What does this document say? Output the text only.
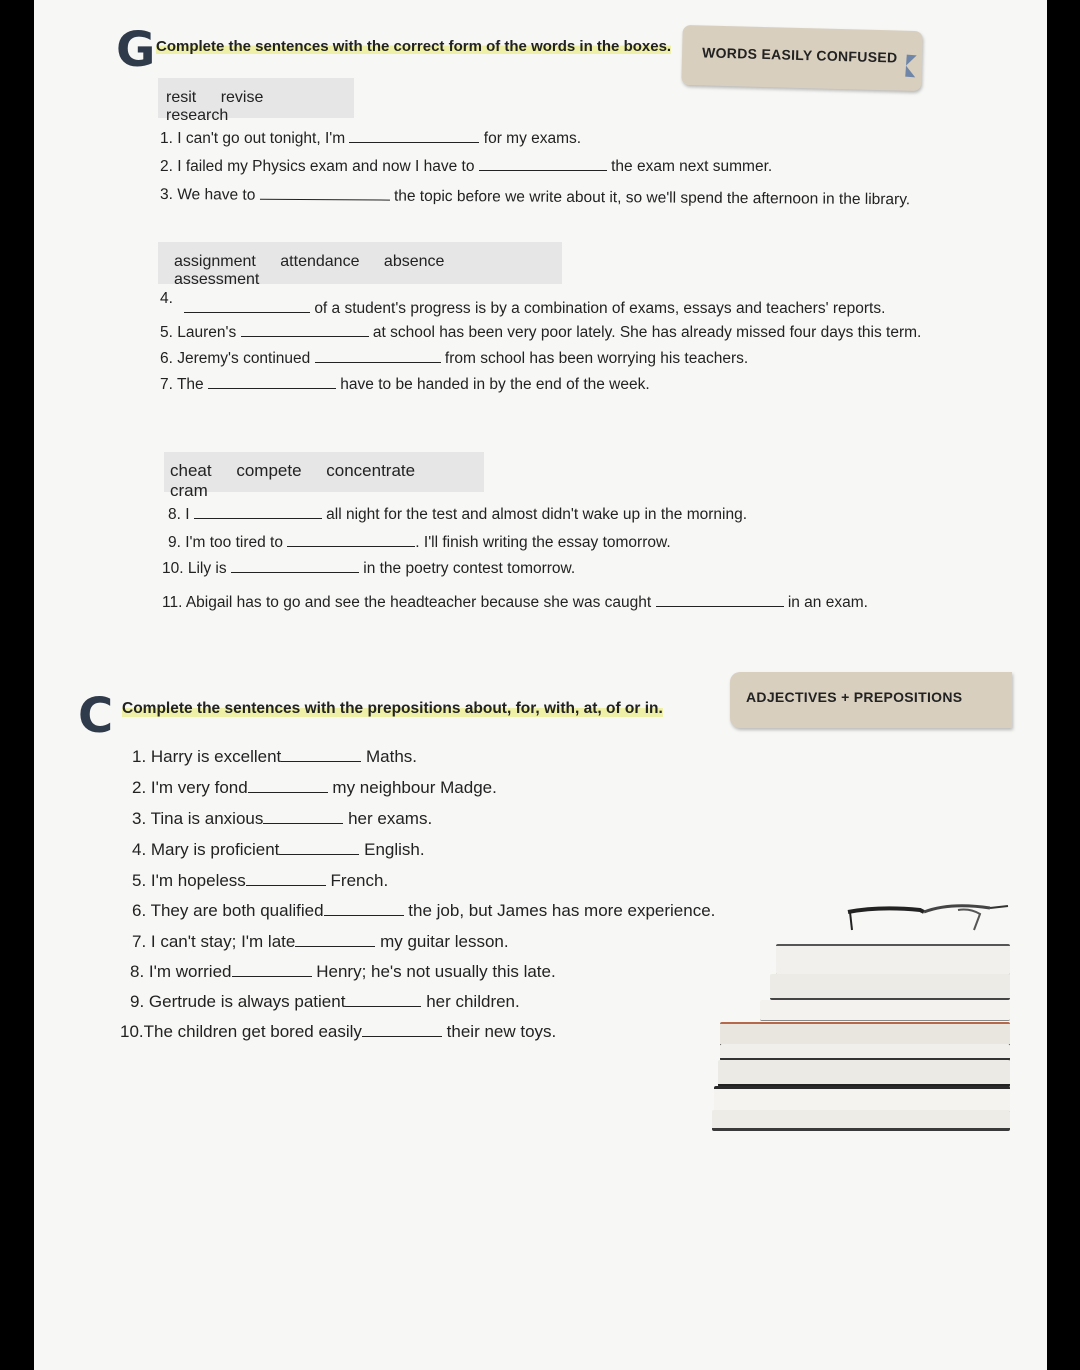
G Complete the sentences with the correct form of the words in the boxes. WORDS EASILY CONFUSED
resit revise research
1. I can't go out tonight, I'm	for my exams.
2. I failed my Physics exam and now I have to	the exam next summer.
3. We have to	the topic before we write about it, so we'll spend the afternoon in the library.
assignment attendance absence assessment
4.
of a student's progress is by a combination of exams, essays and teachers' reports.
5. Lauren's	at school has been very poor lately. She has already missed four days this term.
6. Jeremy's continued	from school has been worrying his teachers.
7. The	have to be handed in by the end of the week.
cheat compete concentrate cram
8. I	all night for the test and almost didn't wake up in the morning.
9. I'm too tired to	. I'll finish writing the essay tomorrow.
10. Lily is	in the poetry contest tomorrow.
11. Abigail has to go and see the headteacher because she was caught	in an exam.
C Complete the sentences with the prepositions about, for, with, at, of or in.
ADJECTIVES + PREPOSITIONS
1. Harry is excellent	Maths.
2. I'm very fond	my neighbour Madge.
3. Tina is anxious	her exams.
4. Mary is proficient	English.
5. I'm hopeless	French.
6. They are both qualified	the job, but James has more experience.
7. I can't stay; I'm late	my guitar lesson.
8. I'm worried	Henry; he's not usually this late.
9. Gertrude is always patient	her children.
10.The children get bored easily	their new toys.
